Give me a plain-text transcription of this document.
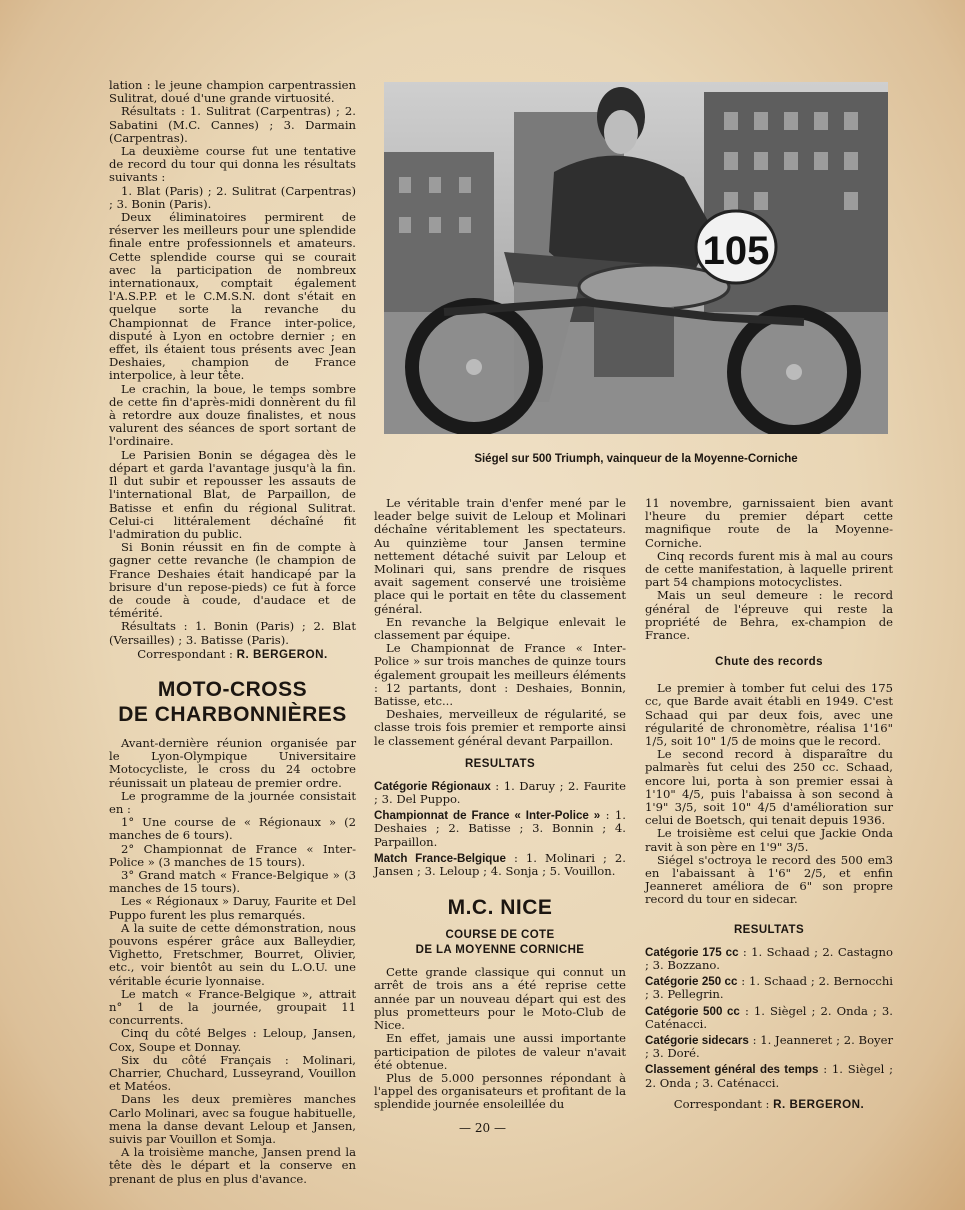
lation : le jeune champion carpentrassien Sulitrat, doué d'une grande virtuosité.

Résultats : 1. Sulitrat (Carpentras) ; 2. Sabatini (M.C. Cannes) ; 3. Darmain (Carpentras).

La deuxième course fut une tentative de record du tour qui donna les résultats suivants :

1. Blat (Paris) ; 2. Sulitrat (Carpentras) ; 3. Bonin (Paris).

Deux éliminatoires permirent de réserver les meilleurs pour une splendide finale entre professionnels et amateurs. Cette splendide course qui se courait avec la participation de nombreux internationaux, comptait également l'A.S.P.P. et le C.M.S.N. dont s'était en quelque sorte la revanche du Championnat de France inter-police, disputé à Lyon en octobre dernier ; en effet, ils étaient tous présents avec Jean Deshaies, champion de France interpolice, à leur tête.

Le crachin, la boue, le temps sombre de cette fin d'après-midi donnèrent du fil à retordre aux douze finalistes, et nous valurent des séances de sport sortant de l'ordinaire.

Le Parisien Bonin se dégagea dès le départ et garda l'avantage jusqu'à la fin. Il dut subir et repousser les assauts de l'international Blat, de Parpaillon, de Batisse et enfin du régional Sulitrat. Celui-ci littéralement déchaîné fit l'admiration du public.

Si Bonin réussit en fin de compte à gagner cette revanche (le champion de France Deshaies était handicapé par la brisure d'un repose-pieds) ce fut à force de coude à coude, d'audace et de témérité.

Résultats : 1. Bonin (Paris) ; 2. Blat (Versailles) ; 3. Batisse (Paris).

Correspondant : R. BERGERON.

MOTO-CROSS
DE CHARBONNIÈRES

Avant-dernière réunion organisée par le Lyon-Olympique Universitaire Motocycliste, le cross du 24 octobre réunissait un plateau de premier ordre.

Le programme de la journée consistait en :

1° Une course de « Régionaux » (2 manches de 6 tours).

2° Championnat de France « Inter-Police » (3 manches de 15 tours).

3° Grand match « France-Belgique » (3 manches de 15 tours).

Les « Régionaux » Daruy, Faurite et Del Puppo furent les plus remarqués.

A la suite de cette démonstration, nous pouvons espérer grâce aux Balleydier, Vighetto, Fretschmer, Bourret, Olivier, etc., voir bientôt au sein du L.O.U. une véritable écurie lyonnaise.

Le match « France-Belgique », attrait n° 1 de la journée, groupait 11 concurrents.

Cinq du côté Belges : Leloup, Jansen, Cox, Soupe et Donnay.

Six du côté Français : Molinari, Charrier, Chuchard, Lusseyrand, Vouillon et Matéos.

Dans les deux premières manches Carlo Molinari, avec sa fougue habituelle, mena la danse devant Leloup et Jansen, suivis par Vouillon et Somja.

A la troisième manche, Jansen prend la tête dès le départ et la conserve en prenant de plus en plus d'avance.

105
Siégel sur 500 Triumph, vainqueur de la Moyenne-Corniche

Le véritable train d'enfer mené par le leader belge suivit de Leloup et Molinari déchaîne véritablement les spectateurs. Au quinzième tour Jansen termine nettement détaché suivit par Leloup et Molinari qui, sans prendre de risques avait sagement conservé une troisième place qui le portait en tête du classement général.

En revanche la Belgique enlevait le classement par équipe.

Le Championnat de France « Inter-Police » sur trois manches de quinze tours également groupait les meilleurs éléments : 12 partants, dont : Deshaies, Bonnin, Batisse, etc...

Deshaies, merveilleux de régularité, se classe trois fois premier et remporte ainsi le classement général devant Parpaillon.

RESULTATS

Catégorie Régionaux : 1. Daruy ; 2. Faurite ; 3. Del Puppo.

Championnat de France « Inter-Police » : 1. Deshaies ; 2. Batisse ; 3. Bonnin ; 4. Parpaillon.

Match France-Belgique : 1. Molinari ; 2. Jansen ; 3. Leloup ; 4. Sonja ; 5. Vouillon.

M.C. NICE
COURSE DE COTE
DE LA MOYENNE CORNICHE

Cette grande classique qui connut un arrêt de trois ans a été reprise cette année par un nouveau départ qui est des plus prometteurs pour le Moto-Club de Nice.

En effet, jamais une aussi importante participation de pilotes de valeur n'avait été obtenue.

Plus de 5.000 personnes répondant à l'appel des organisateurs et profitant de la splendide journée ensoleillée du

11 novembre, garnissaient bien avant l'heure du premier départ cette magnifique route de la Moyenne-Corniche.

Cinq records furent mis à mal au cours de cette manifestation, à laquelle prirent part 54 champions motocyclistes.

Mais un seul demeure : le record général de l'épreuve qui reste la propriété de Behra, ex-champion de France.

Chute des records

Le premier à tomber fut celui des 175 cc, que Barde avait établi en 1949. C'est Schaad qui par deux fois, avec une régularité de chronomètre, réalisa 1'16" 1/5, soit 10" 1/5 de moins que le record.

Le second record à disparaître du palmarès fut celui des 250 cc. Schaad, encore lui, porta à son premier essai à 1'10" 4/5, puis l'abaissa à son second à 1'9" 3/5, soit 10" 4/5 d'amélioration sur celui de Boetsch, qui tenait depuis 1936.

Le troisième est celui que Jackie Onda ravit à son père en 1'9" 3/5.

Siégel s'octroya le record des 500 em3 en l'abaissant à 1'6" 2/5, et enfin Jeanneret améliora de 6" son propre record du tour en sidecar.

RESULTATS

Catégorie 175 cc : 1. Schaad ; 2. Castagno ; 3. Bozzano.

Catégorie 250 cc : 1. Schaad ; 2. Bernocchi ; 3. Pellegrin.

Catégorie 500 cc : 1. Siègel ; 2. Onda ; 3. Caténacci.

Catégorie sidecars : 1. Jeanneret ; 2. Boyer ; 3. Doré.

Classement général des temps : 1. Siègel ; 2. Onda ; 3. Caténacci.

Correspondant : R. BERGERON.

— 20 —
